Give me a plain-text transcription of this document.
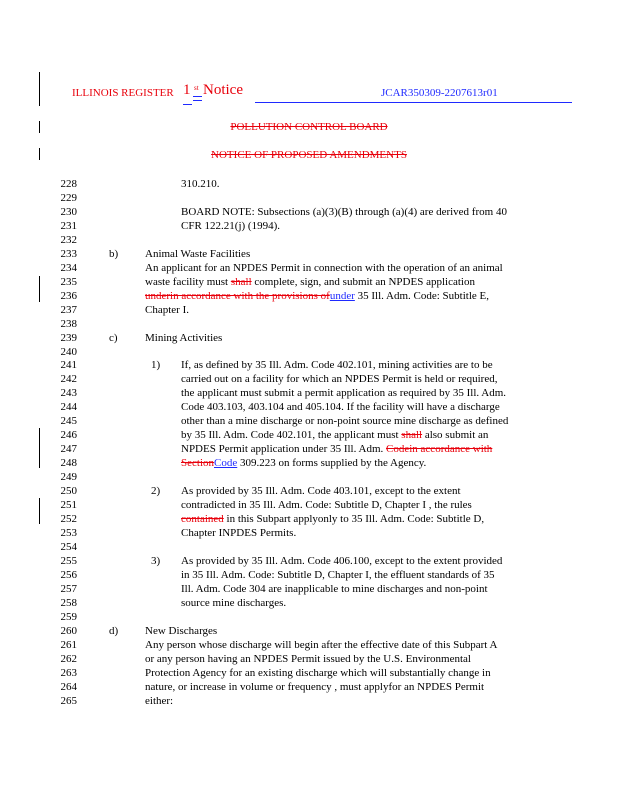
ILLINOIS REGISTER 1 st Notice	JCAR350309-2207613r01
POLLUTION CONTROL BOARD
NOTICE OF PROPOSED AMENDMENTS
228
229
230
231
232
233
234
235
236
237
238
239
240
241
242
243
244
245
246
247
248
249
250
251
252
253
254
255
256
257
258
259
260
261
262
263
264
265
310.210.
BOARD NOTE: Subsections (a)(3)(B) through (a)(4) are derived from 40
CFR 122.21(j) (1994).
b) Animal Waste Facilities
An applicant for an NPDES Permit in connection with the operation of an animal
waste facility must shall complete, sign, and submit an NPDES application
underin accordance with the provisions ofunder 35 Ill. Adm. Code: Subtitle E,
Chapter I.
c) Mining Activities
1) If, as defined by 35 Ill. Adm. Code 402.101, mining activities are to be
carried out on a facility for which an NPDES Permit is held or required,
the applicant must submit a permit application as required by 35 Ill. Adm.
Code 403.103, 403.104 and 405.104. If the facility will have a discharge
other than a mine discharge or non-point source mine discharge as defined
by 35 Ill. Adm. Code 402.101, the applicant must shall also submit an
NPDES Permit application under 35 Ill. Adm. Codein accordance with
SectionCode 309.223 on forms supplied by the Agency.
2) As provided by 35 Ill. Adm. Code 403.101, except to the extent
contradicted in 35 Ill. Adm. Code: Subtitle D, Chapter I , the rules
contained in this Subpart applyonly to 35 Ill. Adm. Code: Subtitle D,
Chapter INPDES Permits.
3) As provided by 35 Ill. Adm. Code 406.100, except to the extent provided
in 35 Ill. Adm. Code: Subtitle D, Chapter I, the effluent standards of 35
Ill. Adm. Code 304 are inapplicable to mine discharges and non-point
source mine discharges.
d) New Discharges
Any person whose discharge will begin after the effective date of this Subpart A
or any person having an NPDES Permit issued by the U.S. Environmental
Protection Agency for an existing discharge which will substantially change in
nature, or increase in volume or frequency , must applyfor an NPDES Permit
either:
